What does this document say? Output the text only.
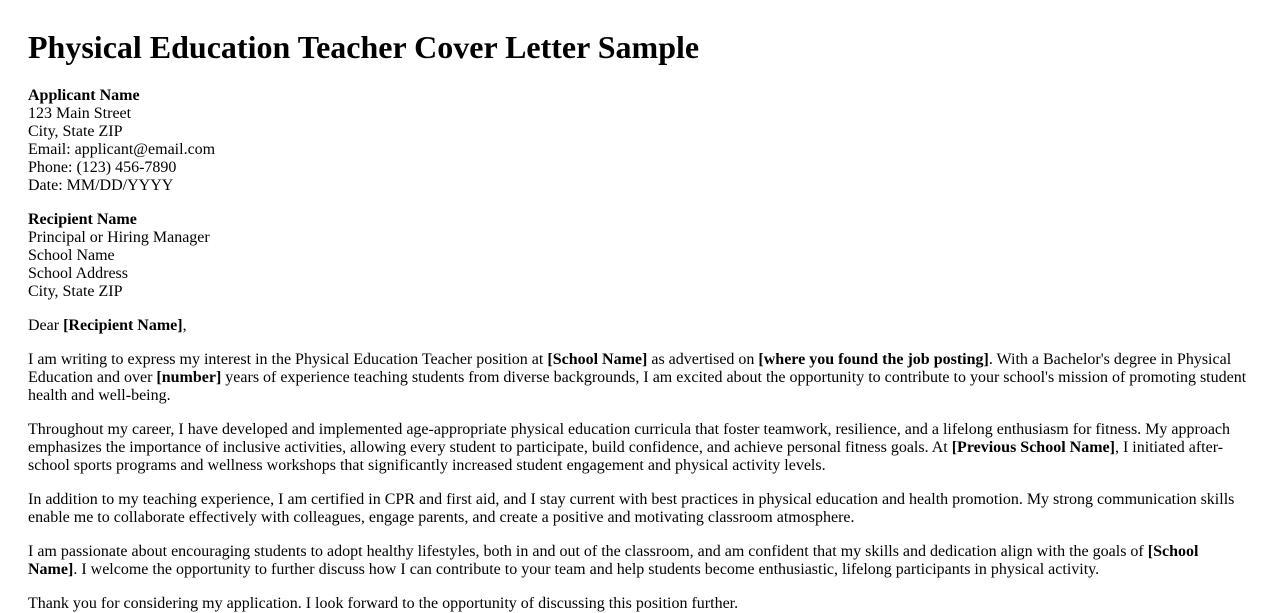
Physical Education Teacher Cover Letter Sample
Applicant Name
123 Main Street
City, State ZIP
Email: applicant@email.com
Phone: (123) 456-7890
Date: MM/DD/YYYY
Recipient Name
Principal or Hiring Manager
School Name
School Address
City, State ZIP
Dear [Recipient Name],

I am writing to express my interest in the Physical Education Teacher position at [School Name] as advertised on [where you found the job posting]. With a Bachelor's degree in Physical Education and over [number] years of experience teaching students from diverse backgrounds, I am excited about the opportunity to contribute to your school's mission of promoting student health and well-being.

Throughout my career, I have developed and implemented age-appropriate physical education curricula that foster teamwork, resilience, and a lifelong enthusiasm for fitness. My approach emphasizes the importance of inclusive activities, allowing every student to participate, build confidence, and achieve personal fitness goals. At [Previous School Name], I initiated after-school sports programs and wellness workshops that significantly increased student engagement and physical activity levels.

In addition to my teaching experience, I am certified in CPR and first aid, and I stay current with best practices in physical education and health promotion. My strong communication skills enable me to collaborate effectively with colleagues, engage parents, and create a positive and motivating classroom atmosphere.

I am passionate about encouraging students to adopt healthy lifestyles, both in and out of the classroom, and am confident that my skills and dedication align with the goals of [School Name]. I welcome the opportunity to further discuss how I can contribute to your team and help students become enthusiastic, lifelong participants in physical activity.

Thank you for considering my application. I look forward to the opportunity of discussing this position further.
